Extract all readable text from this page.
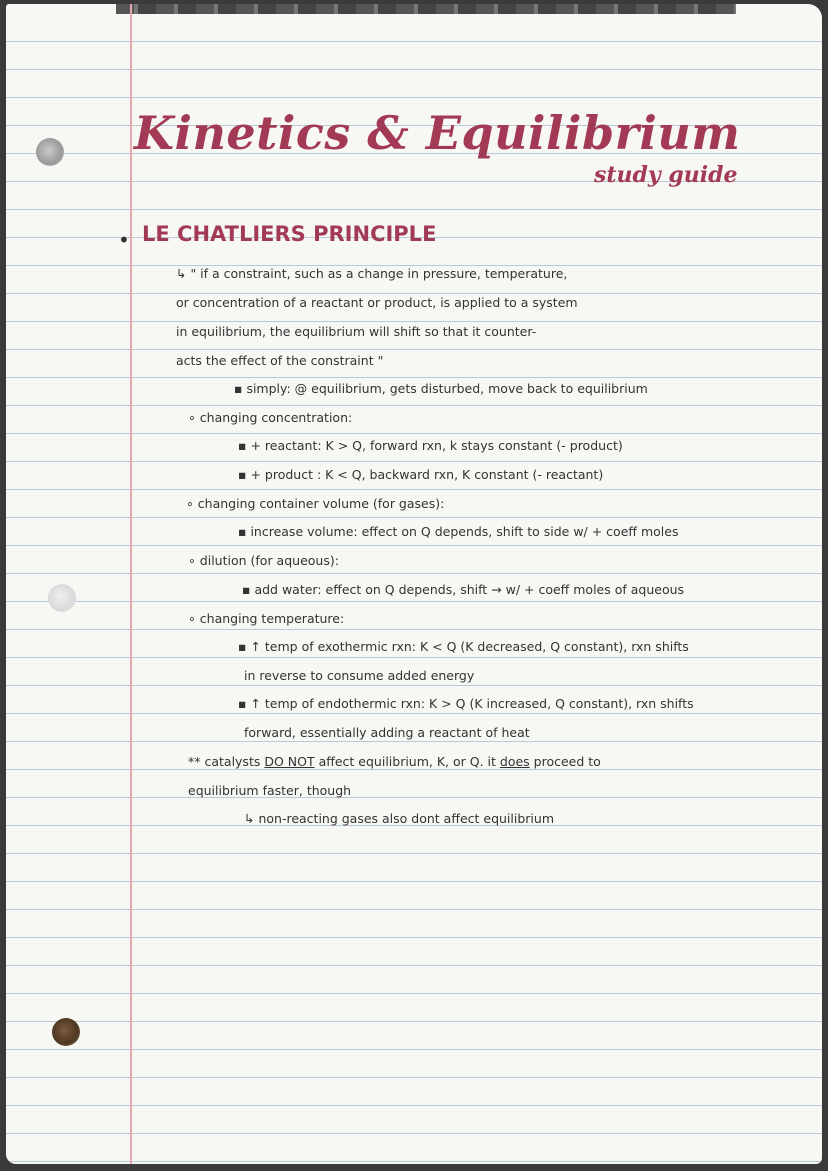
Kinetics & Equilibrium
study guide
• LE CHATLIERS PRINCIPLE
↳ " if a constraint, such as a change in pressure, temperature,
or concentration of a reactant or product, is applied to a system
in equilibrium, the equilibrium will shift so that it counter-
acts the effect of the constraint "
▪ simply: @ equilibrium, gets disturbed, move back to equilibrium
∘ changing concentration:
▪ + reactant: K > Q, forward rxn, k stays constant (- product)
▪ + product : K < Q, backward rxn, K constant (- reactant)
∘ changing container volume (for gases):
▪ increase volume: effect on Q depends, shift to side w/ + coeff moles
∘ dilution (for aqueous):
▪ add water: effect on Q depends, shift → w/ + coeff moles of aqueous
∘ changing temperature:
▪ ↑ temp of exothermic rxn: K < Q (K decreased, Q constant), rxn shifts
in reverse to consume added energy
▪ ↑ temp of endothermic rxn: K > Q (K increased, Q constant), rxn shifts
forward, essentially adding a reactant of heat
** catalysts DO NOT affect equilibrium, K, or Q. it does proceed to
equilibrium faster, though
↳ non-reacting gases also dont affect equilibrium
